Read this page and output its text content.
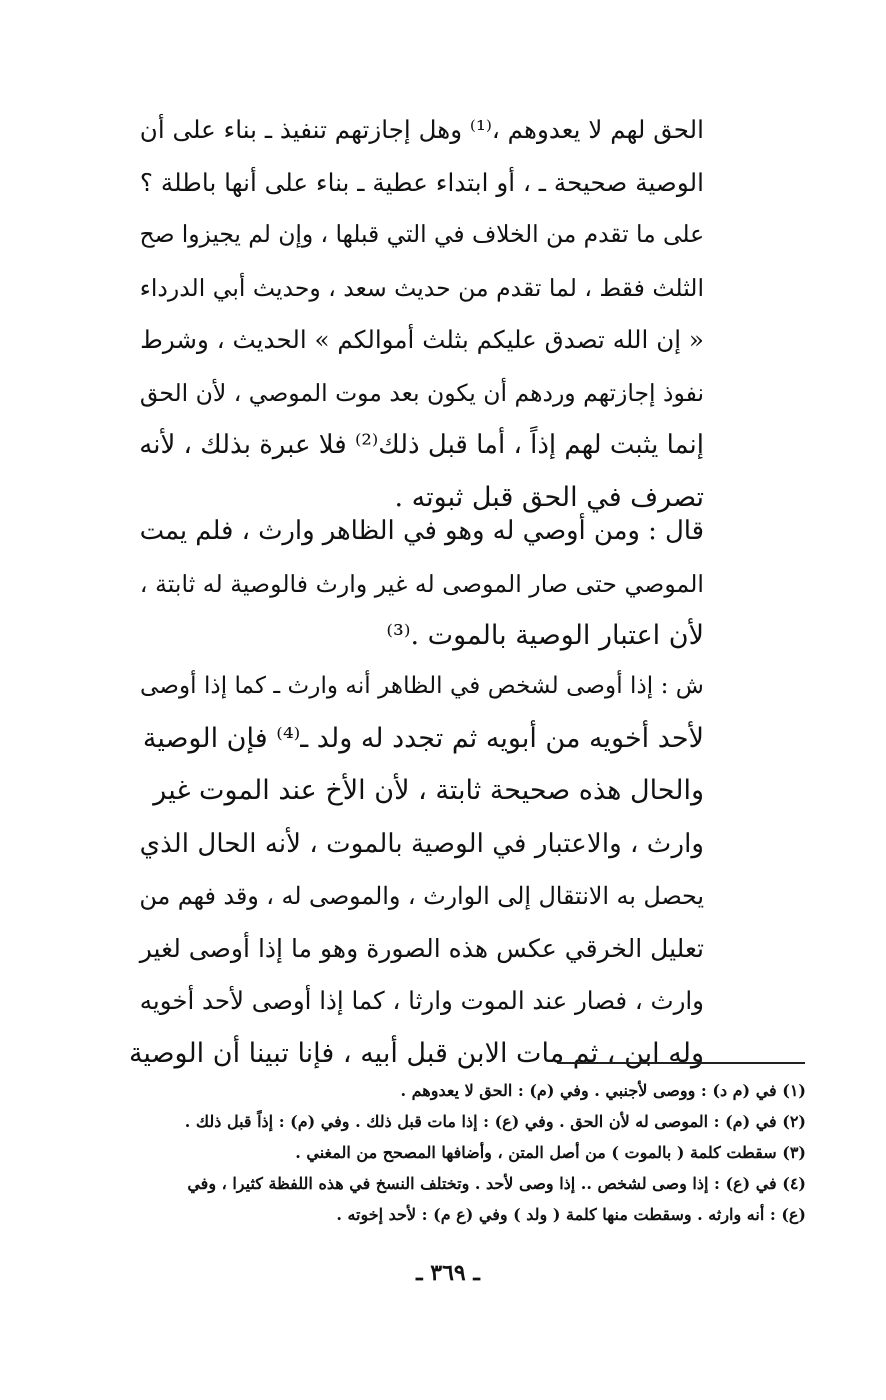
الحق لهم لا يعدوهم ،⁽¹⁾ وهل إجازتهم تنفيذ ـ بناء على أن
الوصية صحيحة ـ ، أو ابتداء عطية ـ بناء على أنها باطلة ؟
على ما تقدم من الخلاف في التي قبلها ، وإن لم يجيزوا صح
الثلث فقط ، لما تقدم من حديث سعد ، وحديث أبي الدرداء
« إن الله تصدق عليكم بثلث أموالكم » الحديث ، وشرط
نفوذ إجازتهم وردهم أن يكون بعد موت الموصي ، لأن الحق
إنما يثبت لهم إذاً ، أما قبل ذلك⁽²⁾ فلا عبرة بذلك ، لأنه
تصرف في الحق قبل ثبوته .
قال : ومن أوصي له وهو في الظاهر وارث ، فلم يمت
الموصي حتى صار الموصى له غير وارث فالوصية له ثابتة ،
لأن اعتبار الوصية بالموت .⁽³⁾
ش : إذا أوصى لشخص في الظاهر أنه وارث ـ كما إذا أوصى
لأحد أخويه من أبويه ثم تجدد له ولد ـ⁽⁴⁾ فإن الوصية
والحال هذه صحيحة ثابتة ، لأن الأخ عند الموت غير
وارث ، والاعتبار في الوصية بالموت ، لأنه الحال الذي
يحصل به الانتقال إلى الوارث ، والموصى له ، وقد فهم من
تعليل الخرقي عكس هذه الصورة وهو ما إذا أوصى لغير
وارث ، فصار عند الموت وارثا ، كما إذا أوصى لأحد أخويه
وله ابن ، ثم مات الابن قبل أبيه ، فإنا تبينا أن الوصية
(١) في (م د) : ووصى لأجنبي . وفي (م) : الحق لا يعدوهم .
(٢) في (م) : الموصى له لأن الحق . وفي (ع) : إذا مات قبل ذلك . وفي (م) : إذاً قبل ذلك .
(٣) سقطت كلمة ( بالموت ) من أصل المتن ، وأضافها المصحح من المغني .
(٤) في (ع) : إذا وصى لشخص .. إذا وصى لأحد . وتختلف النسخ في هذه اللفظة كثيرا ، وفي
(ع) : أنه وارثه . وسقطت منها كلمة ( ولد ) وفي (ع م) : لأحد إخوته .
ـ ٣٦٩ ـ
